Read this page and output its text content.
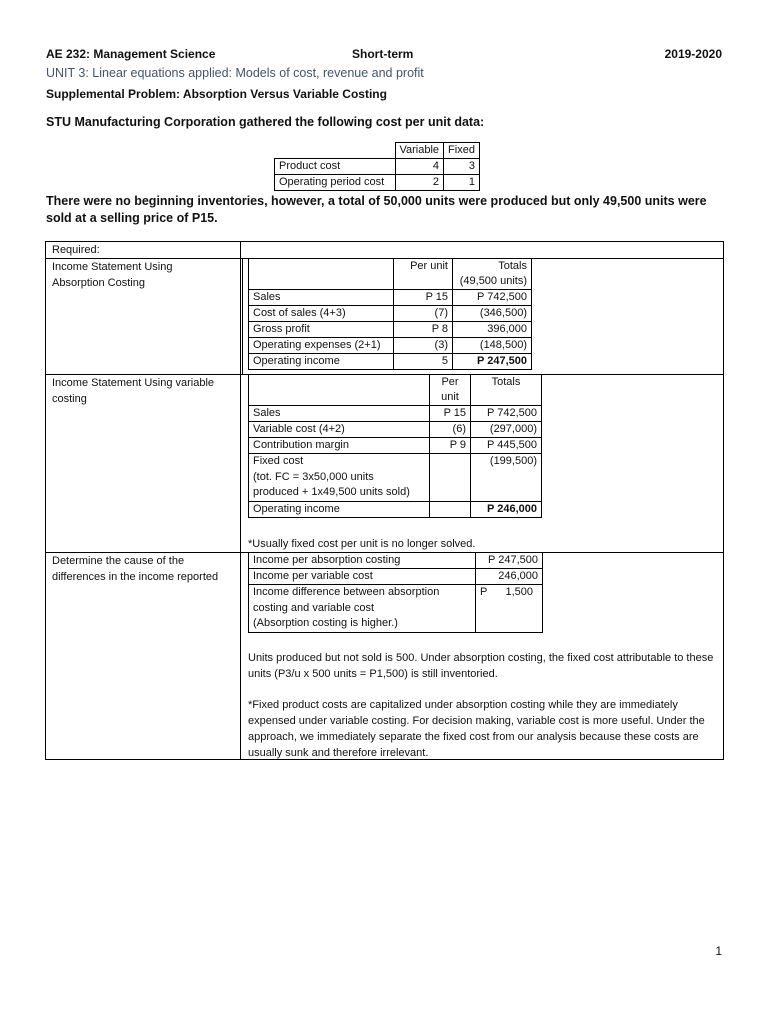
AE 232: Management Science	Short-term	2019-2020
UNIT 3: Linear equations applied: Models of cost, revenue and profit
Supplemental Problem: Absorption Versus Variable Costing
STU Manufacturing Corporation gathered the following cost per unit data:
	Variable	Fixed
Product cost	4	3
Operating period cost	2	1
There were no beginning inventories, however, a total of 50,000 units were produced but only 49,500 units were sold at a selling price of P15.
Required:
Income Statement Using Absorption Costing
	Per unit	Totals
(49,500 units)
Sales	P 15	P 742,500
Cost of sales (4+3)	(7)	(346,500)
Gross profit	P 8	396,000
Operating expenses (2+1)	(3)	(148,500)
Operating income	5	P 247,500
Income Statement Using variable costing
	Per
unit	Totals
Sales	P 15	P 742,500
Variable cost (4+2)	(6)	(297,000)
Contribution margin	P 9	P 445,500
Fixed cost
(tot. FC = 3x50,000 units
produced + 1x49,500 units sold)		(199,500)
Operating income		P 246,000
*Usually fixed cost per unit is no longer solved.
Determine the cause of the differences in the income reported
Income per absorption costing	P 247,500
Income per variable cost	246,000
Income difference between absorption
costing and variable cost
(Absorption costing is higher.)	P      1,500
Units produced but not sold is 500. Under absorption costing, the fixed cost attributable to these units (P3/u x 500 units = P1,500) is still inventoried.
*Fixed product costs are capitalized under absorption costing while they are immediately expensed under variable costing. For decision making, variable cost is more useful. Under the approach, we immediately separate the fixed cost from our analysis because these costs are usually sunk and therefore irrelevant.
1
